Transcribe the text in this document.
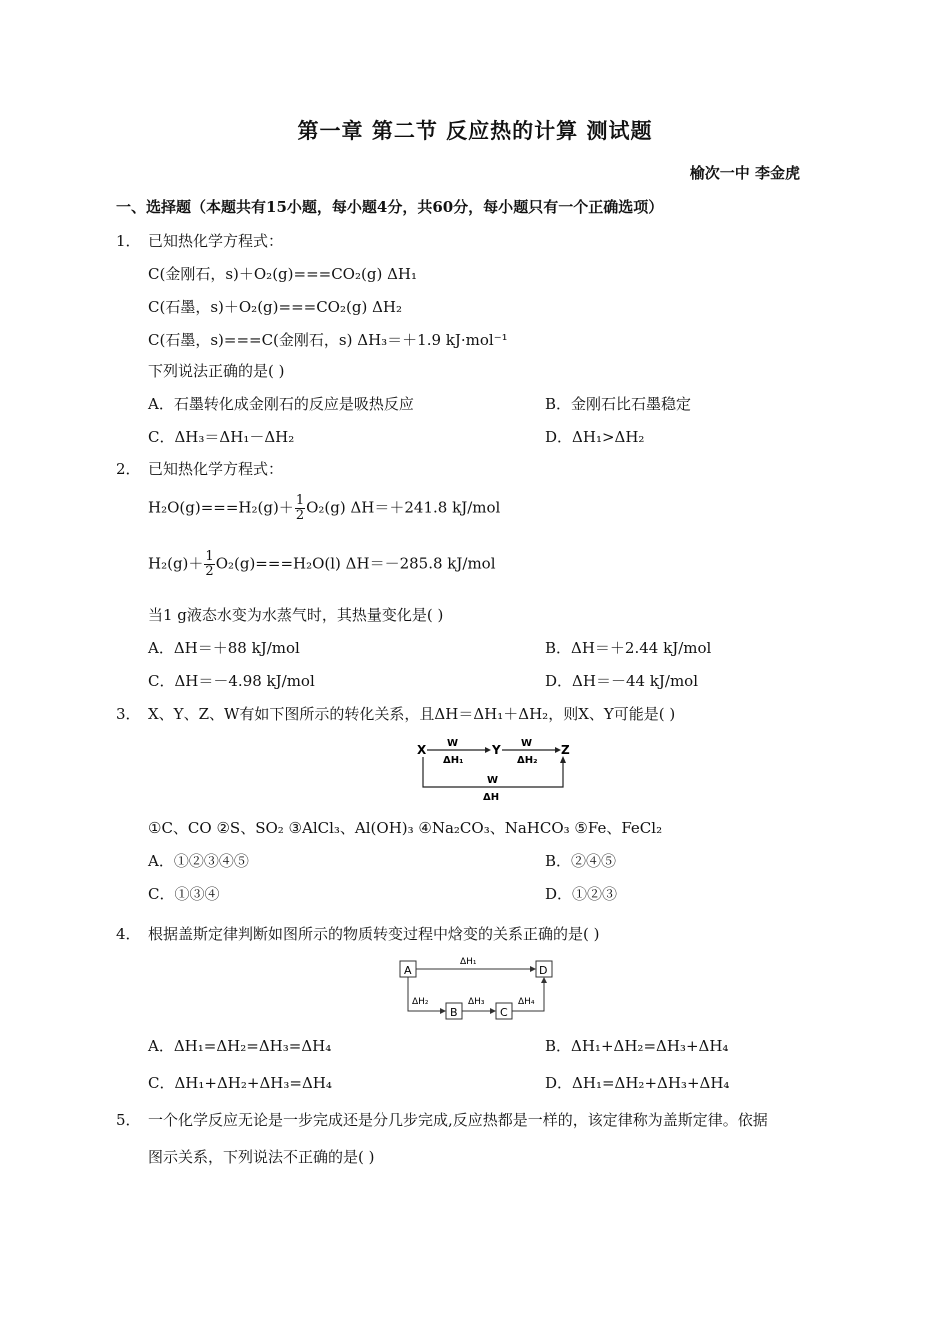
第一章 第二节 反应热的计算 测试题
榆次一中 李金虎
一、选择题（本题共有15小题，每小题4分，共60分，每小题只有一个正确选项）
1． 已知热化学方程式：
C(金刚石，s)＋O₂(g)===CO₂(g) ΔH₁
C(石墨，s)＋O₂(g)===CO₂(g) ΔH₂
C(石墨，s)===C(金刚石，s) ΔH₃＝＋1.9 kJ·mol⁻¹
下列说法正确的是( )
A．石墨转化成金刚石的反应是吸热反应	B．金刚石比石墨稳定
C．ΔH₃＝ΔH₁－ΔH₂	D．ΔH₁>ΔH₂
2． 已知热化学方程式：
$H_2O(g)===H_2(g)+ \frac{1}{2} O_2(g)$ ΔH＝＋241.8 kJ/mol
$H_2(g)+ \frac{1}{2} O_2(g)===H_2O(l)$ ΔH＝－285.8 kJ/mol
当1 g液态水变为水蒸气时，其热量变化是( )
A．ΔH＝＋88 kJ/mol	B．ΔH＝＋2.44 kJ/mol
C．ΔH＝－4.98 kJ/mol	D．ΔH＝－44 kJ/mol
3． X、Y、Z、W有如下图所示的转化关系，且ΔH＝ΔH₁＋ΔH₂，则X、Y可能是( )
X W
ΔH₁
Y W
ΔH₂
Z
W
ΔH
①C、CO ②S、SO₂ ③AlCl₃、Al(OH)₃ ④Na₂CO₃、NaHCO₃ ⑤Fe、FeCl₂
A．①②③④⑤	B．②④⑤
C．①③④	D．①②③
4． 根据盖斯定律判断如图所示的物质转变过程中焓变的关系正确的是( )
A
ΔH₁
D
ΔH₂
B
ΔH₃
C
ΔH₄
A．ΔH₁=ΔH₂=ΔH₃=ΔH₄	B．ΔH₁+ΔH₂=ΔH₃+ΔH₄
C．ΔH₁+ΔH₂+ΔH₃=ΔH₄	D．ΔH₁=ΔH₂+ΔH₃+ΔH₄
5． 一个化学反应无论是一步完成还是分几步完成,反应热都是一样的，该定律称为盖斯定律。依据
图示关系，下列说法不正确的是( )
